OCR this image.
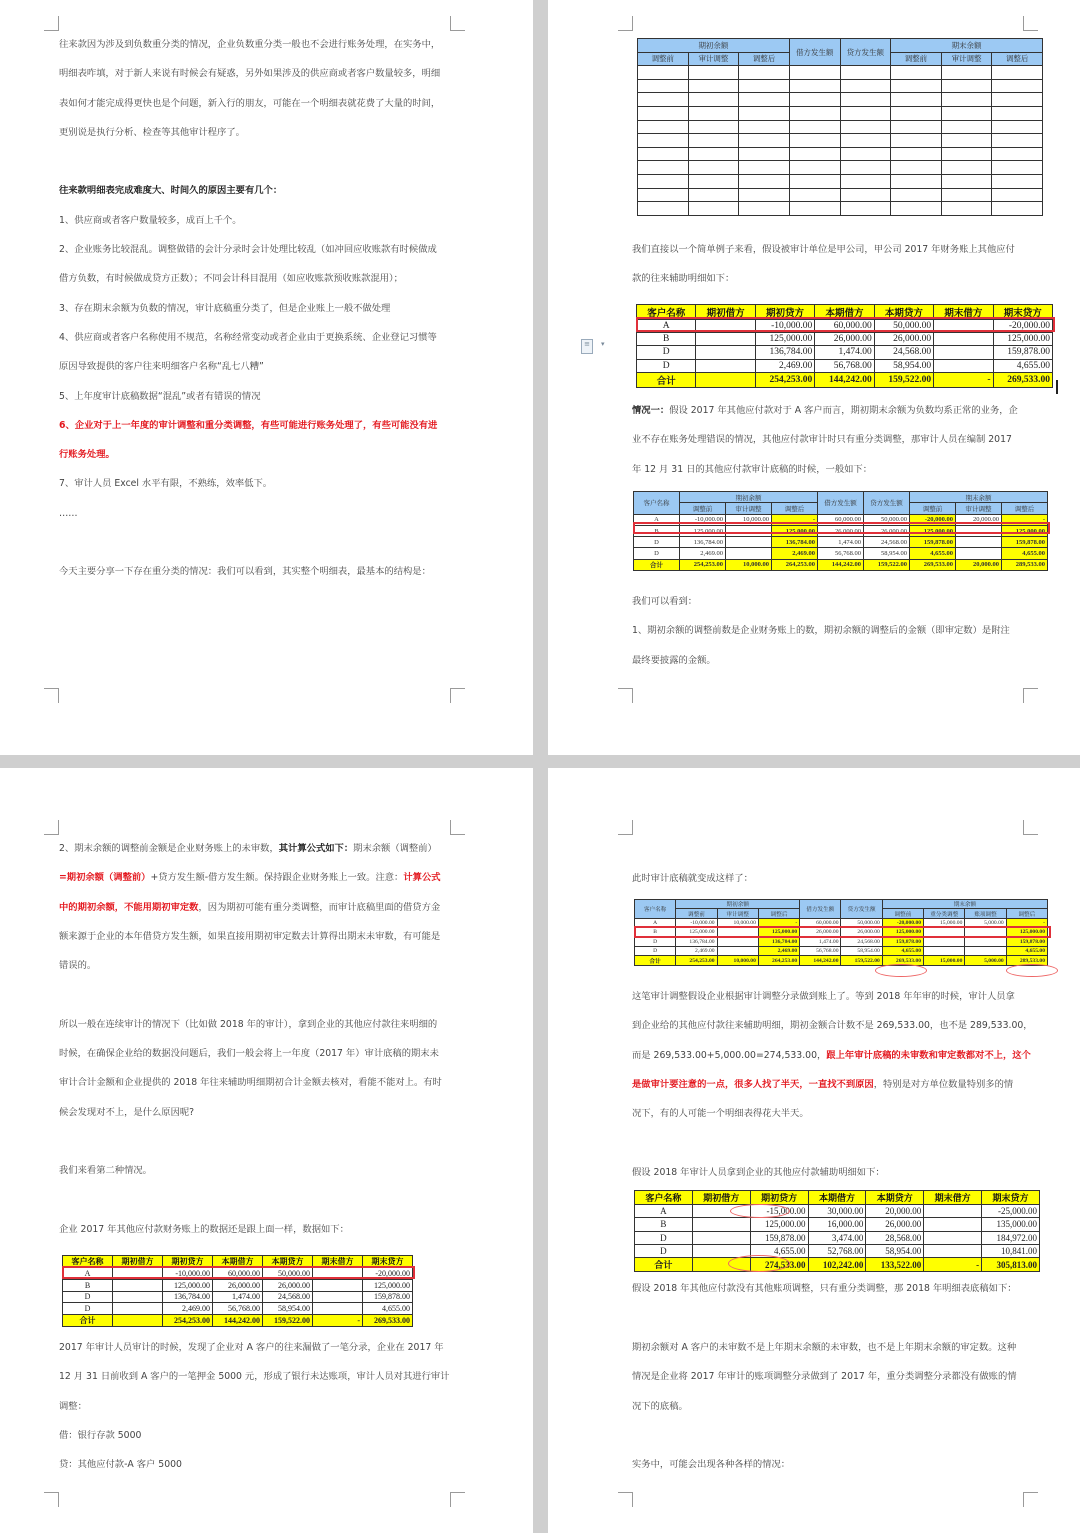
往来款因为涉及到负数重分类的情况，企业负数重分类一般也不会进行账务处理，在实务中，
明细表咋填，对于新人来说有时候会有疑惑，另外如果涉及的供应商或者客户数量较多，明细
表如何才能完成得更快也是个问题，新入行的朋友，可能在一个明细表就花费了大量的时间，
更别说是执行分析、检查等其他审计程序了。
往来款明细表完成难度大、时间久的原因主要有几个：
1、供应商或者客户数量较多，成百上千个。
2、企业账务比较混乱。调整做错的会计分录时会计处理比较乱（如冲回应收账款有时候做成
借方负数，有时候做成贷方正数）；不同会计科目混用（如应收账款预收账款混用）；
3、存在期末余额为负数的情况，审计底稿重分类了，但是企业账上一般不做处理
4、供应商或者客户名称使用不规范，名称经常变动或者企业由于更换系统、企业登记习惯等
原因导致提供的客户往来明细客户名称“乱七八糟”
5、上年度审计底稿数据“混乱”或者有错误的情况
6、企业对于上一年度的审计调整和重分类调整，有些可能进行账务处理了，有些可能没有进
行账务处理。
7、审计人员 Excel 水平有限，不熟练，效率低下。
……
今天主要分享一下存在重分类的情况：我们可以看到，其实整个明细表，最基本的结构是：
期初余额			借方发生额	贷方发生额	期末余额		
调整前	审计调整	调整后			调整前	审计调整	调整后

我们直接以一个简单例子来看，假设被审计单位是甲公司，甲公司 2017 年财务账上其他应付
款的往来辅助明细如下：
客户名称	期初借方	期初贷方	本期借方	本期贷方	期末借方	期末贷方
A		-10,000.00	60,000.00	50,000.00		-20,000.00
B		125,000.00	26,000.00	26,000.00		125,000.00
D		136,784.00	1,474.00	24,568.00		159,878.00
D		2,469.00	56,768.00	58,954.00		4,655.00
合计		254,253.00	144,242.00	159,522.00	-	269,533.00
≡	▾
情况一：假设 2017 年其他应付款对于 A 客户而言，期初期末余额为负数均系正常的业务，企
业不存在账务处理错误的情况，其他应付款审计时只有重分类调整，那审计人员在编制 2017
年 12 月 31 日的其他应付款审计底稿的时候，一般如下：
客户名称	期初余额			借方发生额	贷方发生额	期末余额		
	调整前	审计调整	调整后			调整前	审计调整	调整后
A	-10,000.00	10,000.00	-	60,000.00	50,000.00	-20,000.00	20,000.00	-
B	125,000.00		125,000.00	26,000.00	26,000.00	125,000.00		125,000.00
D	136,784.00		136,784.00	1,474.00	24,568.00	159,878.00		159,878.00
D	2,469.00		2,469.00	56,768.00	58,954.00	4,655.00		4,655.00
合计	254,253.00	10,000.00	264,253.00	144,242.00	159,522.00	269,533.00	20,000.00	289,533.00
我们可以看到：
1、期初余额的调整前数是企业财务账上的数，期初余额的调整后的金额（即审定数）是附注
最终要披露的金额。
2、期末余额的调整前金额是企业财务账上的未审数，其计算公式如下：期末余额（调整前）
=期初余额（调整前）+贷方发生额-借方发生额。保持跟企业财务账上一致。注意：计算公式
中的期初余额，不能用期初审定数，因为期初可能有重分类调整，而审计底稿里面的借贷方金
额来源于企业的本年借贷方发生额，如果直接用期初审定数去计算得出期末未审数，有可能是
错误的。
所以一般在连续审计的情况下（比如做 2018 年的审计），拿到企业的其他应付款往来明细的
时候，在确保企业给的数据没问题后，我们一般会将上一年度（2017 年）审计底稿的期末未
审计合计金额和企业提供的 2018 年往来辅助明细期初合计金额去核对，看能不能对上。有时
候会发现对不上，是什么原因呢?
我们来看第二种情况。
企业 2017 年其他应付款财务账上的数据还是跟上面一样，数据如下：
客户名称	期初借方	期初贷方	本期借方	本期贷方	期末借方	期末贷方
A		-10,000.00	60,000.00	50,000.00		-20,000.00
B		125,000.00	26,000.00	26,000.00		125,000.00
D		136,784.00	1,474.00	24,568.00		159,878.00
D		2,469.00	56,768.00	58,954.00		4,655.00
合计		254,253.00	144,242.00	159,522.00	-	269,533.00
2017 年审计人员审计的时候，发现了企业对 A 客户的往来漏做了一笔分录，企业在 2017 年
12 月 31 日前收到 A 客户的一笔押金 5000 元，形成了银行未达账项，审计人员对其进行审计
调整：
借：银行存款 5000
贷：其他应付款-A 客户 5000
此时审计底稿就变成这样了：
客户名称	期初余额			借方发生额	贷方发生额	期末余额			
	调整前	审计调整	调整后			调整前	重分类调整	账项调整	调整后
A	-10,000.00	10,000.00	-	60,000.00	50,000.00	-20,000.00	15,000.00	5,000.00	-
B	125,000.00		125,000.00	26,000.00	26,000.00	125,000.00			125,000.00
D	136,784.00		136,784.00	1,474.00	24,568.00	159,878.00			159,878.00
D	2,469.00		2,469.00	56,768.00	58,954.00	4,655.00			4,655.00
合计	254,253.00	10,000.00	264,253.00	144,242.00	159,522.00	269,533.00	15,000.00	5,000.00	289,533.00
这笔审计调整假设企业根据审计调整分录做到账上了。等到 2018 年年审的时候，审计人员拿
到企业给的其他应付款往来辅助明细，期初金额合计数不是 269,533.00，也不是 289,533.00，
而是 269,533.00+5,000.00=274,533.00，跟上年审计底稿的未审数和审定数都对不上，这个
是做审计要注意的一点，很多人找了半天，一直找不到原因，特别是对方单位数量特别多的情
况下，有的人可能一个明细表得花大半天。
假设 2018 年审计人员拿到企业的其他应付款辅助明细如下：
客户名称	期初借方	期初贷方	本期借方	本期贷方	期末借方	期末贷方
A		-15,000.00	30,000.00	20,000.00		-25,000.00
B		125,000.00	16,000.00	26,000.00		135,000.00
D		159,878.00	3,474.00	28,568.00		184,972.00
D		4,655.00	52,768.00	58,954.00		10,841.00
合计		274,533.00	102,242.00	133,522.00	-	305,813.00
假设 2018 年其他应付款没有其他账项调整，只有重分类调整，那 2018 年明细表底稿如下：
期初余额对 A 客户的未审数不是上年期末余额的未审数，也不是上年期末余额的审定数。这种
情况是企业将 2017 年审计的账项调整分录做到了 2017 年，重分类调整分录都没有做账的情
况下的底稿。
实务中，可能会出现各种各样的情况：
